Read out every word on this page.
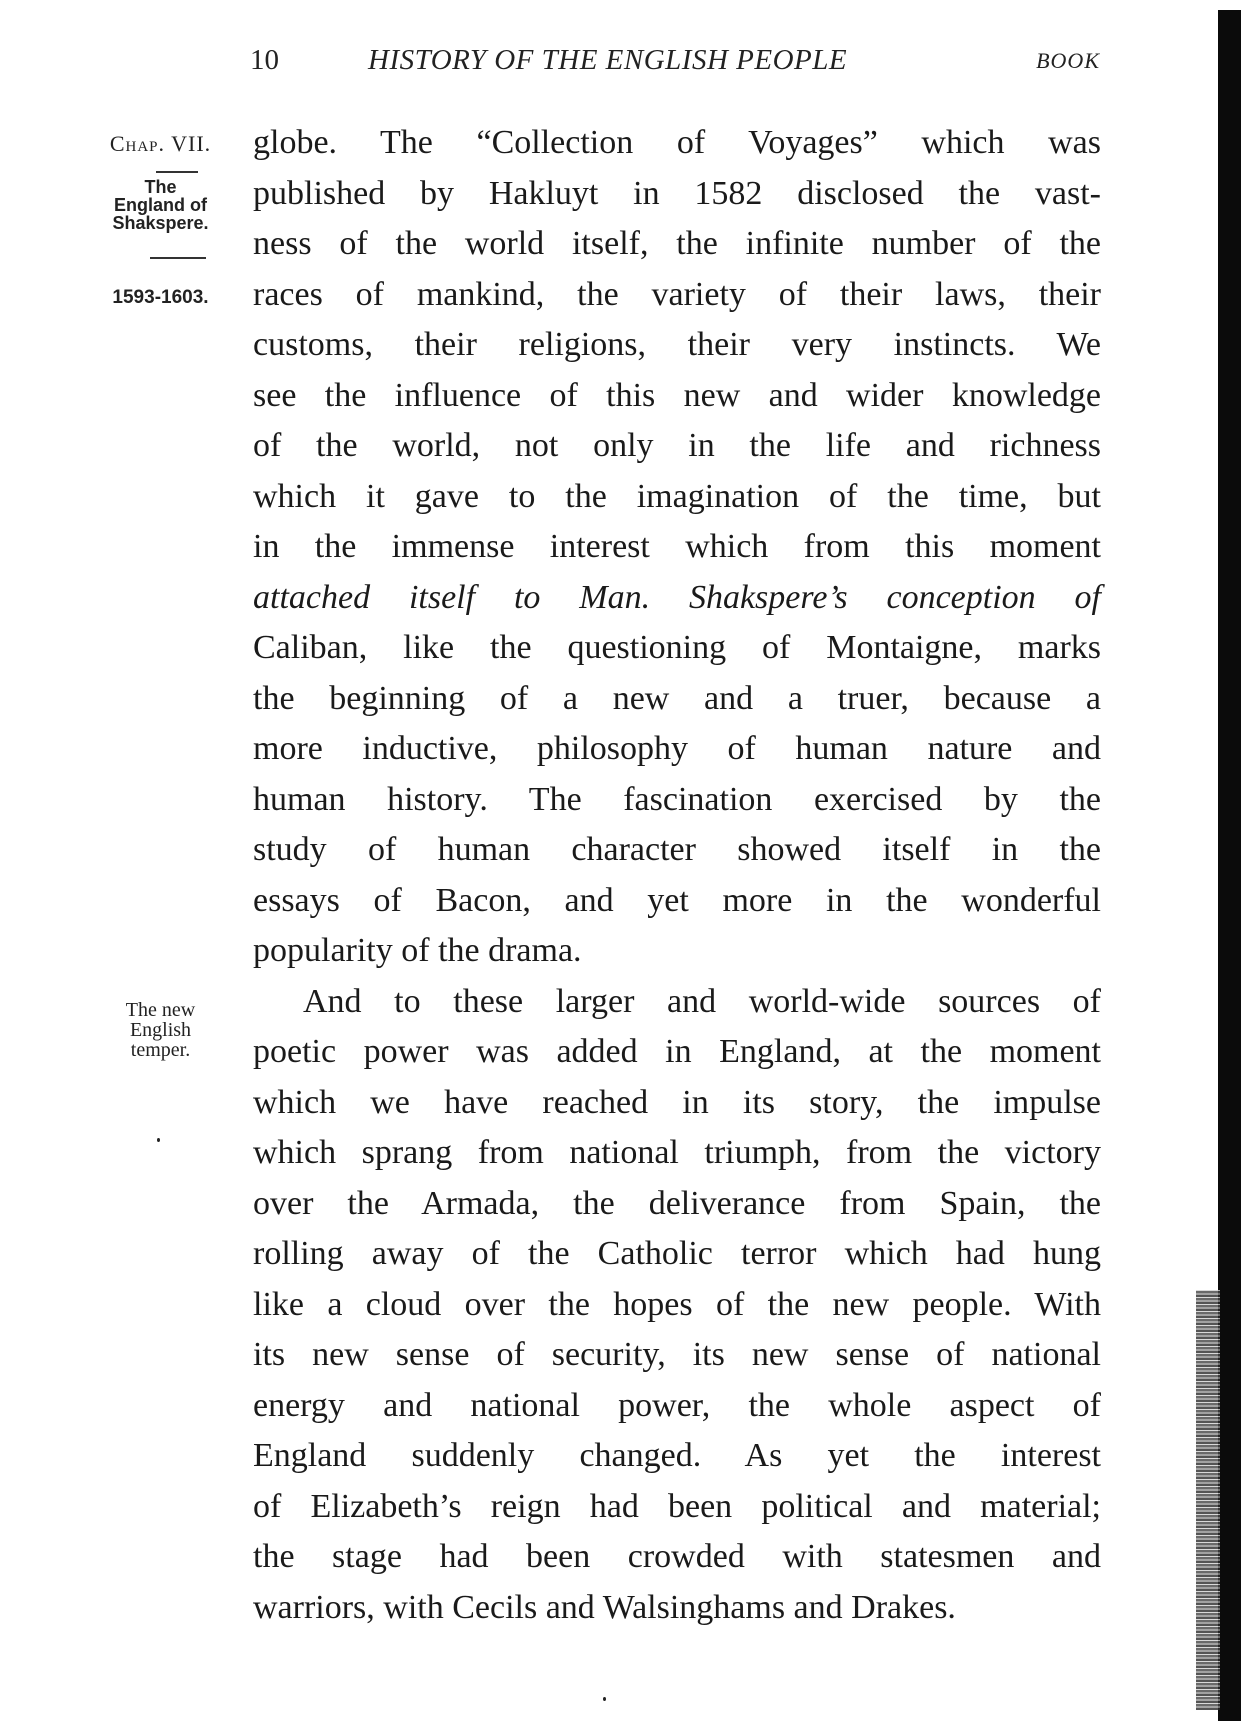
10	HISTORY OF THE ENGLISH PEOPLE	BOOK
Chap. VII.
The
England of
Shakspere.
1593-1603.
The new
English
temper.
globe. The “Collection of Voyages” which was
published by Hakluyt in 1582 disclosed the vast-
ness of the world itself, the infinite number of the
races of mankind, the variety of their laws, their
customs, their religions, their very instincts. We
see the influence of this new and wider knowledge
of the world, not only in the life and richness
which it gave to the imagination of the time, but
in the immense interest which from this moment
attached itself to Man. Shakspere’s conception of
Caliban, like the questioning of Montaigne, marks
the beginning of a new and a truer, because a
more inductive, philosophy of human nature and
human history. The fascination exercised by the
study of human character showed itself in the
essays of Bacon, and yet more in the wonderful
popularity of the drama.
And to these larger and world-wide sources of
poetic power was added in England, at the moment
which we have reached in its story, the impulse
which sprang from national triumph, from the victory
over the Armada, the deliverance from Spain, the
rolling away of the Catholic terror which had hung
like a cloud over the hopes of the new people. With
its new sense of security, its new sense of national
energy and national power, the whole aspect of
England suddenly changed. As yet the interest
of Elizabeth’s reign had been political and material;
the stage had been crowded with statesmen and
warriors, with Cecils and Walsinghams and Drakes.
